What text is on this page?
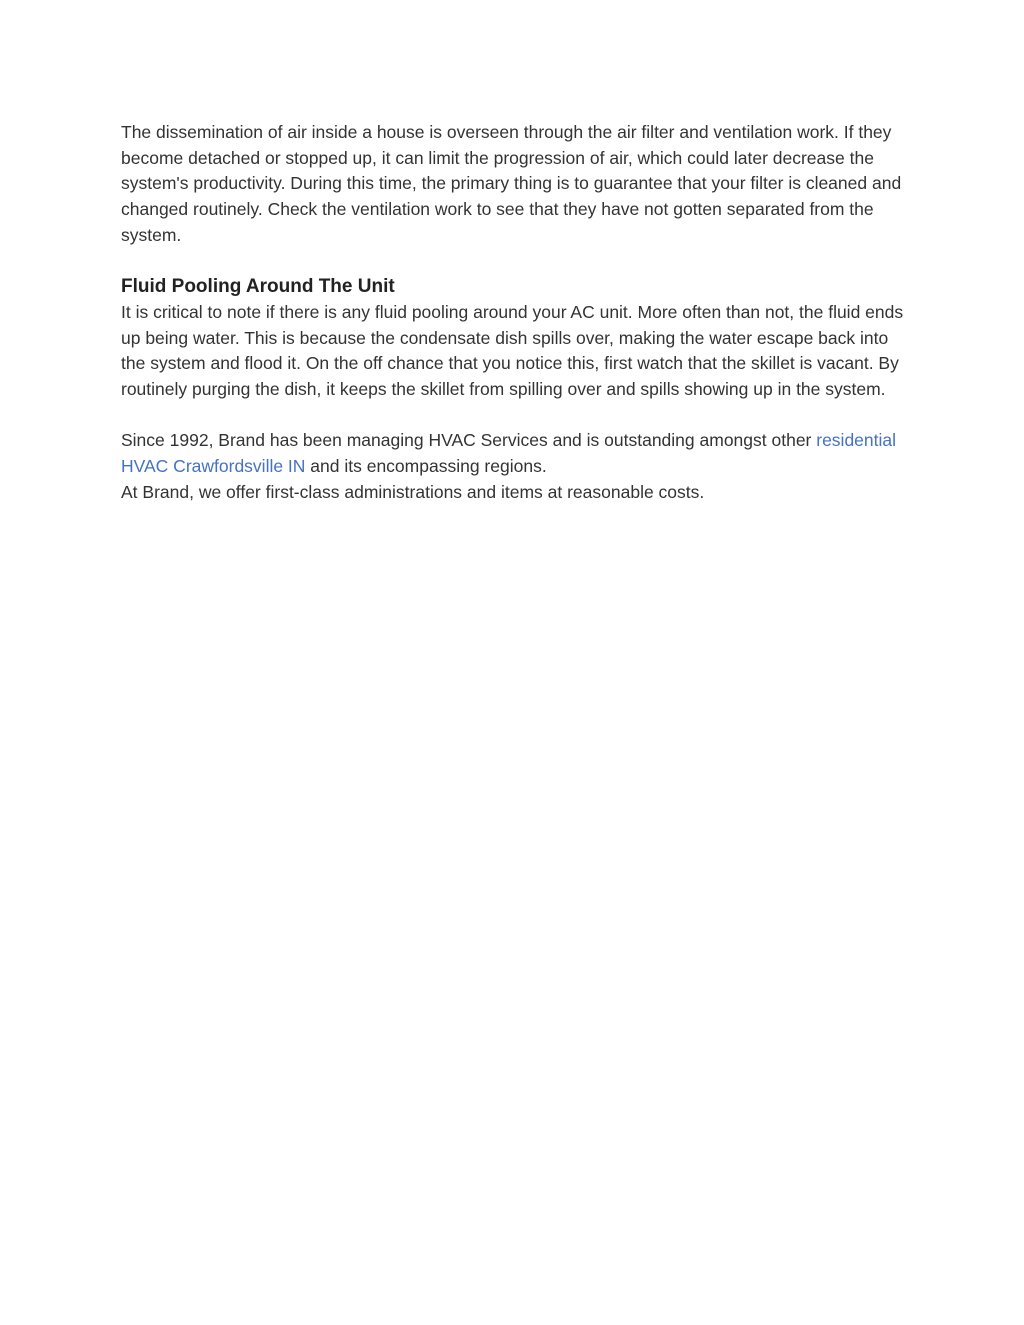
The dissemination of air inside a house is overseen through the air filter and ventilation work. If they become detached or stopped up, it can limit the progression of air, which could later decrease the system's productivity. During this time, the primary thing is to guarantee that your filter is cleaned and changed routinely. Check the ventilation work to see that they have not gotten separated from the system.

Fluid Pooling Around The Unit

It is critical to note if there is any fluid pooling around your AC unit. More often than not, the fluid ends up being water. This is because the condensate dish spills over, making the water escape back into the system and flood it. On the off chance that you notice this, first watch that the skillet is vacant. By routinely purging the dish, it keeps the skillet from spilling over and spills showing up in the system.

Since 1992, Brand has been managing HVAC Services and is outstanding amongst other residential HVAC Crawfordsville IN and its encompassing regions.

At Brand, we offer first-class administrations and items at reasonable costs.
